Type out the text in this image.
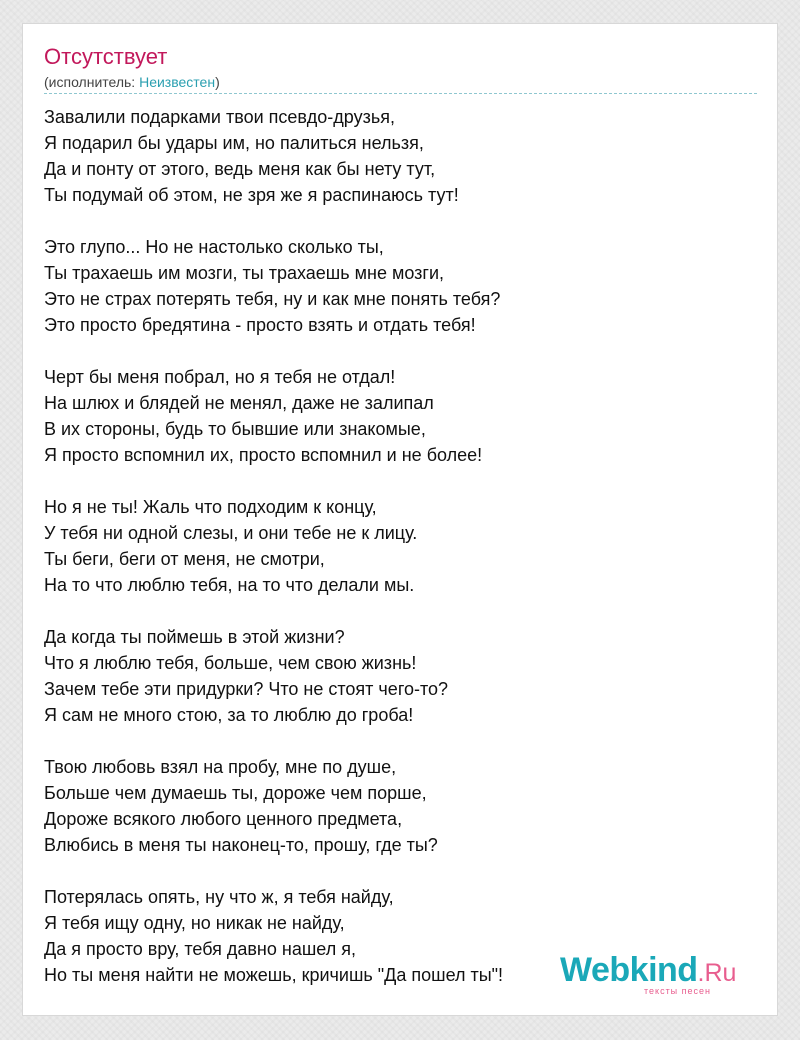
Отсутствует
(исполнитель: Неизвестен)
Завалили подарками твои псевдо-друзья,
Я подарил бы удары им, но палиться нельзя,
Да и понту от этого, ведь меня как бы нету тут,
Ты подумай об этом, не зря же я распинаюсь тут!
Это глупо... Но не настолько сколько ты,
Ты трахаешь им мозги, ты трахаешь мне мозги,
Это не страх потерять тебя, ну и как мне понять тебя?
Это просто бредятина - просто взять и отдать тебя!
Черт бы меня побрал, но я тебя не отдал!
На шлюх и блядей не менял, даже не залипал
В их стороны, будь то бывшие или знакомые,
Я просто вспомнил их, просто вспомнил и не более!
Но я не ты! Жаль что подходим к концу,
У тебя ни одной слезы, и они тебе не к лицу.
Ты беги, беги от меня, не смотри,
На то что люблю тебя, на то что делали мы.
Да когда ты поймешь в этой жизни?
Что я люблю тебя, больше, чем свою жизнь!
Зачем тебе эти придурки? Что не стоят чего-то?
Я сам не много стою, за то люблю до гроба!
Твою любовь взял на пробу, мне по душе,
Больше чем думаешь ты, дороже чем порше,
Дороже всякого любого ценного предмета,
Влюбись в меня ты наконец-то, прошу, где ты?
Потерялась опять, ну что ж, я тебя найду,
Я тебя ищу одну, но никак не найду,
Да я просто вру, тебя давно нашел я,
Но ты меня найти не можешь, кричишь "Да пошел ты"!	Webkind.Ru
тексты песен
